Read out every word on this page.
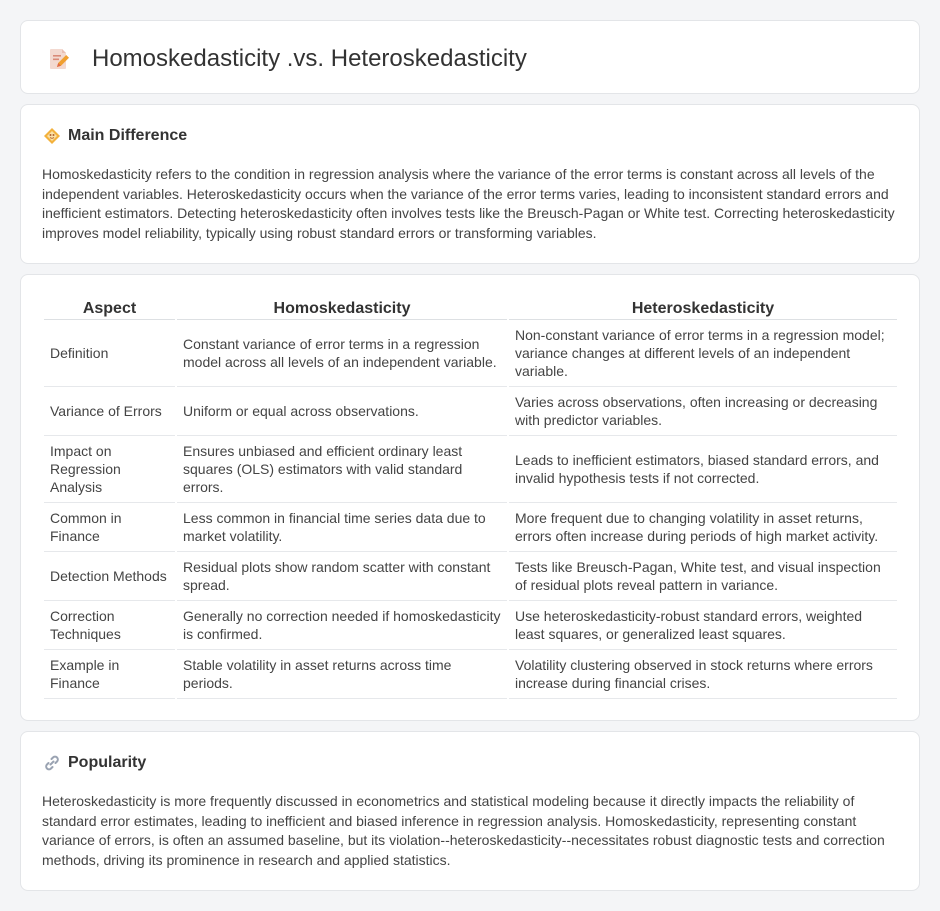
Homoskedasticity .vs. Heteroskedasticity
Main Difference

Homoskedasticity refers to the condition in regression analysis where the variance of the error terms is constant across all levels of the independent variables. Heteroskedasticity occurs when the variance of the error terms varies, leading to inconsistent standard errors and inefficient estimators. Detecting heteroskedasticity often involves tests like the Breusch-Pagan or White test. Correcting heteroskedasticity improves model reliability, typically using robust standard errors or transforming variables.

Aspect	Homoskedasticity	Heteroskedasticity
Definition	Constant variance of error terms in a regression model across all levels of an independent variable.	Non-constant variance of error terms in a regression model; variance changes at different levels of an independent variable.
Variance of Errors	Uniform or equal across observations.	Varies across observations, often increasing or decreasing with predictor variables.
Impact on Regression Analysis	Ensures unbiased and efficient ordinary least squares (OLS) estimators with valid standard errors.	Leads to inefficient estimators, biased standard errors, and invalid hypothesis tests if not corrected.
Common in Finance	Less common in financial time series data due to market volatility.	More frequent due to changing volatility in asset returns, errors often increase during periods of high market activity.
Detection Methods	Residual plots show random scatter with constant spread.	Tests like Breusch-Pagan, White test, and visual inspection of residual plots reveal pattern in variance.
Correction Techniques	Generally no correction needed if homoskedasticity is confirmed.	Use heteroskedasticity-robust standard errors, weighted least squares, or generalized least squares.
Example in Finance	Stable volatility in asset returns across time periods.	Volatility clustering observed in stock returns where errors increase during financial crises.
Popularity

Heteroskedasticity is more frequently discussed in econometrics and statistical modeling because it directly impacts the reliability of standard error estimates, leading to inefficient and biased inference in regression analysis. Homoskedasticity, representing constant variance of errors, is often an assumed baseline, but its violation--heteroskedasticity--necessitates robust diagnostic tests and correction methods, driving its prominence in research and applied statistics.
